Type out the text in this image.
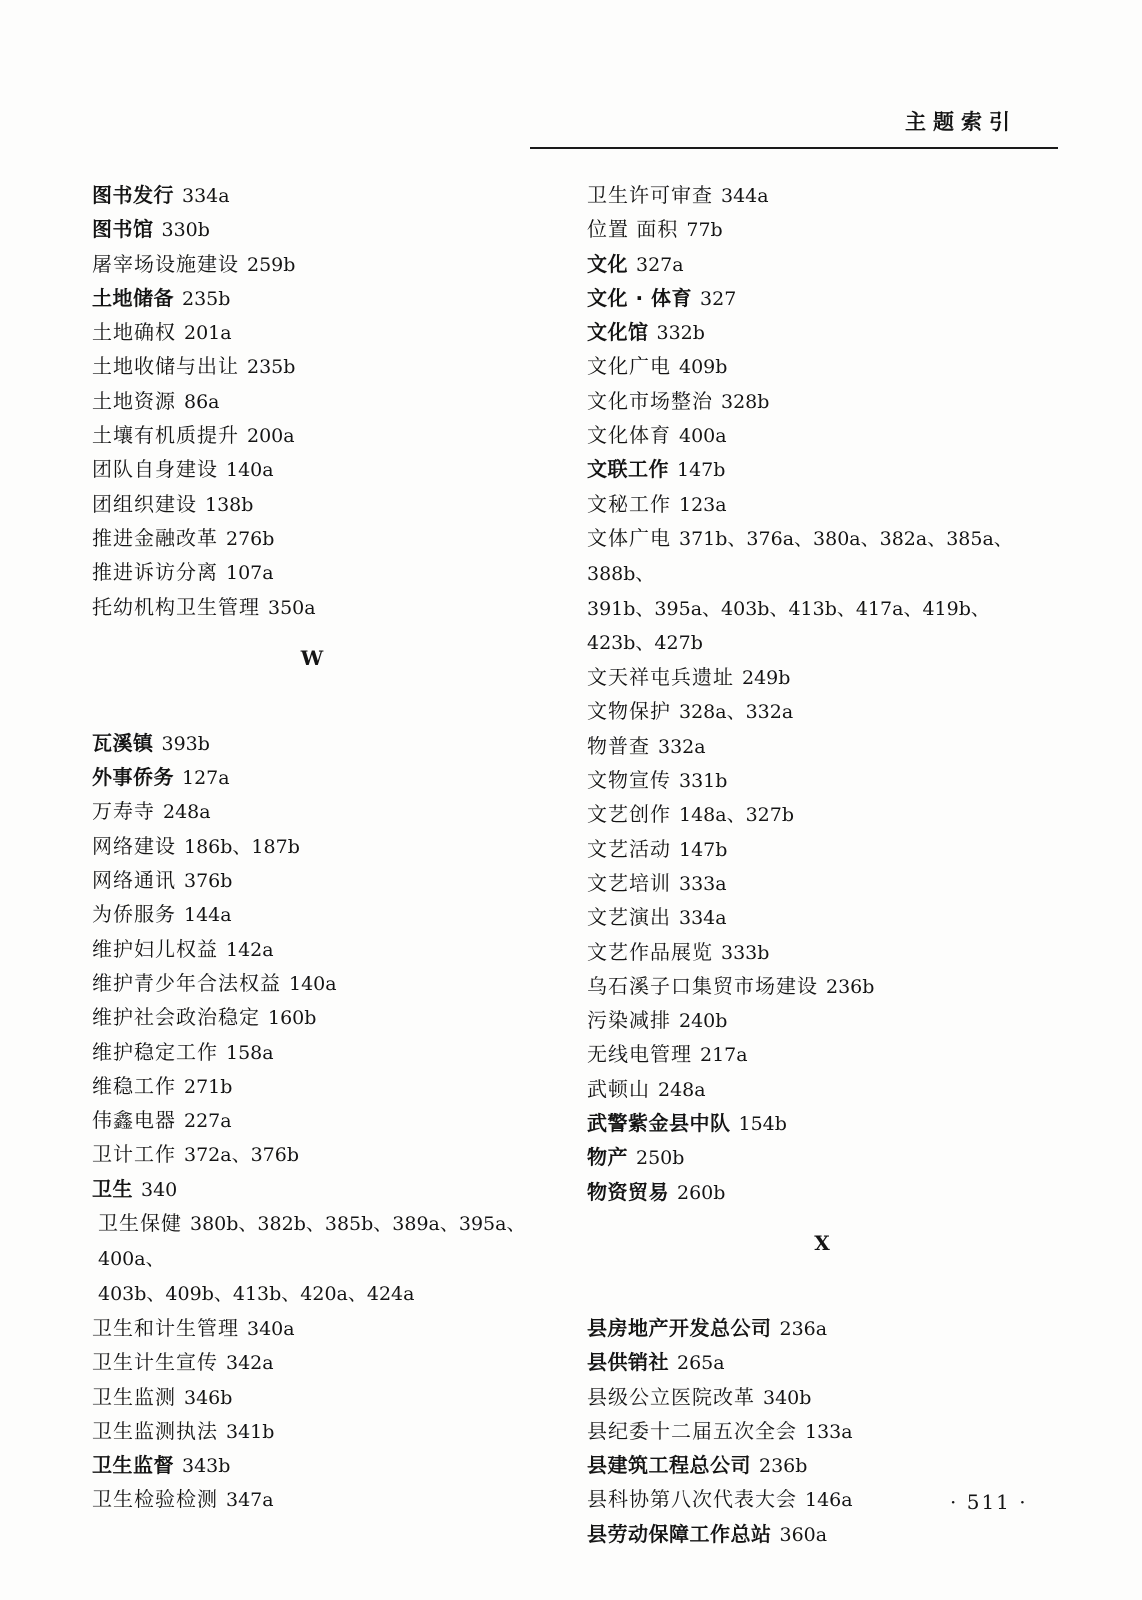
主题索引
图书发行 334a
图书馆 330b
屠宰场设施建设 259b
土地储备 235b
土地确权 201a
土地收储与出让 235b
土地资源 86a
土壤有机质提升 200a
团队自身建设 140a
团组织建设 138b
推进金融改革 276b
推进诉访分离 107a
托幼机构卫生管理 350a
W
瓦溪镇 393b
外事侨务 127a
万寿寺 248a
网络建设 186b、187b
网络通讯 376b
为侨服务 144a
维护妇儿权益 142a
维护青少年合法权益 140a
维护社会政治稳定 160b
维护稳定工作 158a
维稳工作 271b
伟鑫电器 227a
卫计工作 372a、376b
卫生 340
卫生保健 380b、382b、385b、389a、395a、400a、
403b、409b、413b、420a、424a
卫生和计生管理 340a
卫生计生宣传 342a
卫生监测 346b
卫生监测执法 341b
卫生监督 343b
卫生检验检测 347a
卫生许可审查 344a
位置 面积 77b
文化 327a
文化 · 体育 327
文化馆 332b
文化广电 409b
文化市场整治 328b
文化体育 400a
文联工作 147b
文秘工作 123a
文体广电 371b、376a、380a、382a、385a、388b、
391b、395a、403b、413b、417a、419b、423b、427b
文天祥屯兵遗址 249b
文物保护 328a、332a
物普查 332a
文物宣传 331b
文艺创作 148a、327b
文艺活动 147b
文艺培训 333a
文艺演出 334a
文艺作品展览 333b
乌石溪子口集贸市场建设 236b
污染减排 240b
无线电管理 217a
武顿山 248a
武警紫金县中队 154b
物产 250b
物资贸易 260b
X
县房地产开发总公司 236a
县供销社 265a
县级公立医院改革 340b
县纪委十二届五次全会 133a
县建筑工程总公司 236b
县科协第八次代表大会 146a
县劳动保障工作总站 360a
· 511 ·
